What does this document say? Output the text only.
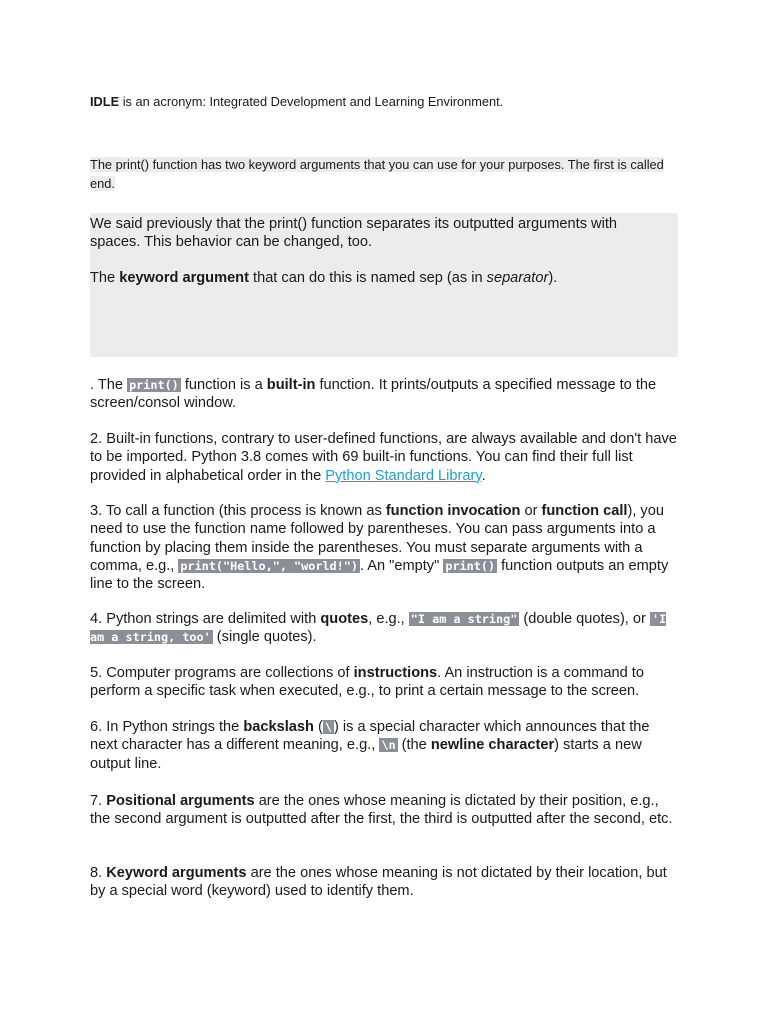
IDLE is an acronym: Integrated Development and Learning Environment.

The print() function has two keyword arguments that you can use for your purposes. The first is called end.

We said previously that the print() function separates its outputted arguments with spaces. This behavior can be changed, too.

The keyword argument that can do this is named sep (as in separator).

. The print() function is a built-in function. It prints/outputs a specified message to the screen/consol window.

2. Built-in functions, contrary to user-defined functions, are always available and don't have to be imported. Python 3.8 comes with 69 built-in functions. You can find their full list provided in alphabetical order in the Python Standard Library.

3. To call a function (this process is known as function invocation or function call), you need to use the function name followed by parentheses. You can pass arguments into a function by placing them inside the parentheses. You must separate arguments with a comma, e.g., print("Hello,", "world!") . An "empty" print() function outputs an empty line to the screen.

4. Python strings are delimited with quotes, e.g., "I am a string" (double quotes), or 'I am a string, too' (single quotes).

5. Computer programs are collections of instructions. An instruction is a command to perform a specific task when executed, e.g., to print a certain message to the screen.

6. In Python strings the backslash ( \ ) is a special character which announces that the next character has a different meaning, e.g., \n (the newline character) starts a new output line.

7. Positional arguments are the ones whose meaning is dictated by their position, e.g., the second argument is outputted after the first, the third is outputted after the second, etc.

8. Keyword arguments are the ones whose meaning is not dictated by their location, but by a special word (keyword) used to identify them.
